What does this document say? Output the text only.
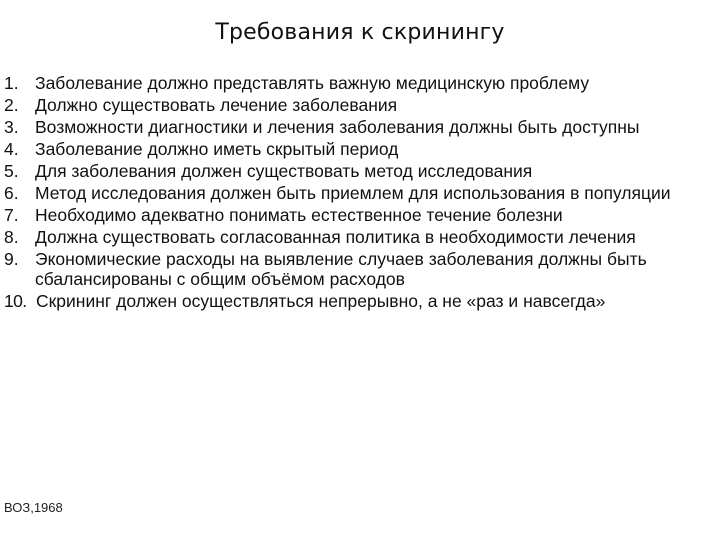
Требования к скринингу
1. Заболевание должно представлять важную медицинскую проблему
2. Должно существовать лечение заболевания
3. Возможности диагностики и лечения заболевания должны быть доступны
4. Заболевание должно иметь скрытый период
5. Для заболевания должен существовать метод исследования
6. Метод исследования должен быть приемлем для использования в популяции
7. Необходимо адекватно понимать естественное течение болезни
8. Должна существовать согласованная политика в необходимости лечения
9. Экономические расходы на выявление случаев заболевания должны быть сбалансированы с общим объёмом расходов
10. Скрининг должен осуществляться непрерывно, а не «раз и навсегда»
ВОЗ,1968
